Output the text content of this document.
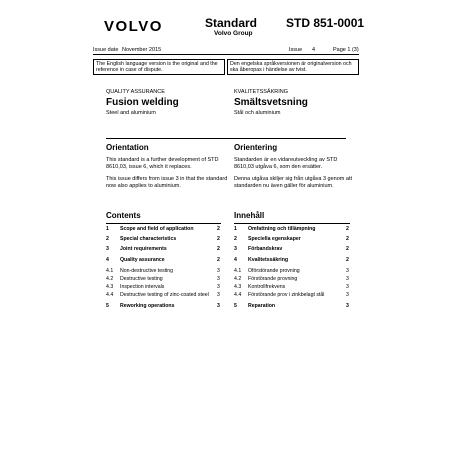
VOLVO	Standard
Volvo Group
STD 851-0001
Issue date November 2015	Issue 4	Page 1 (3)
The English language version is the original and the reference in case of dispute.
Den engelska språkversionen är originalversion och ska åberopas i händelse av tvist.
QUALITY ASSURANCE
Fusion welding
Steel and aluminium
KVALITETSSÄKRING
Smältsvetsning
Stål och aluminium
Orientation
This standard is a further development of STD 8610,03, issue 6, which it replaces.
This issue differs from issue 3 in that the standard now also applies to aluminium.
Orientering
Standarden är en vidareutveckling av STD 8610,03 utgåva 6, som den ersätter.
Denna utgåva skiljer sig från utgåva 3 genom att standarden nu även gäller för aluminium.
Contents	Innehåll
1 Scope and field of application	2
2 Special characteristics	2
3 Joint requirements	2
4 Quality assurance	2
4.1 Non-destructive testing	3
4.2 Destructive testing	3
4.3 Inspection intervals	3
4.4 Destructive testing of zinc-coated steel 3
5 Reworking operations	3
1 Omfattning och tillämpning	2
2 Speciella egenskaper	2
3 Förbandskrav	2
4 Kvalitetssäkring	2
4.1 Oförstörande provning	3
4.2 Förstörande provning	3
4.3 Kontrollfrekvens	3
4.4 Förstörande prov i zinkbelagt stål	3
5 Reparation	3
